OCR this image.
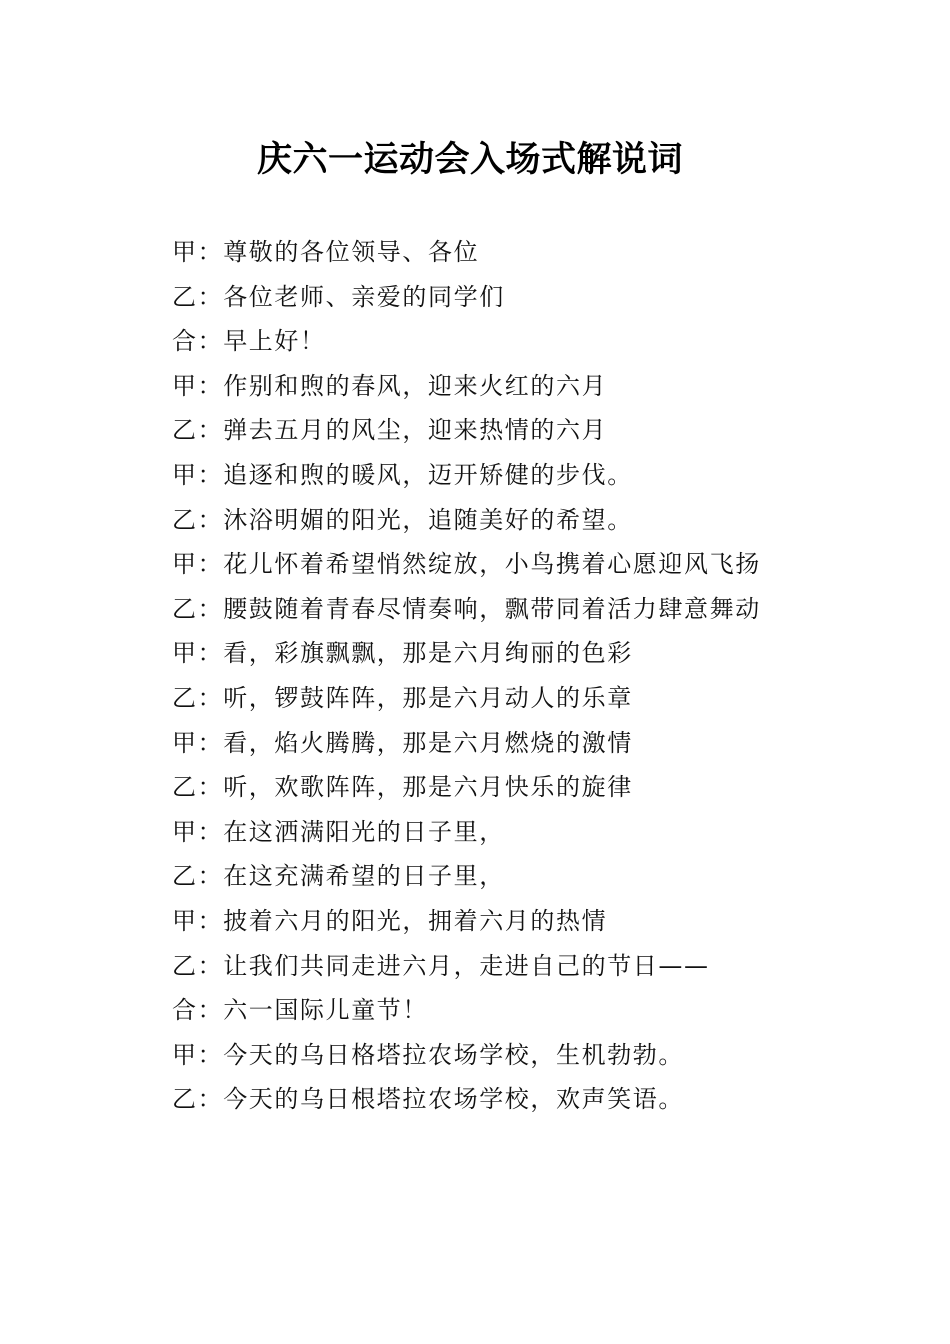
庆六一运动会入场式解说词
甲：尊敬的各位领导、各位
乙：各位老师、亲爱的同学们
合：早上好！
甲：作别和煦的春风，迎来火红的六月
乙：弹去五月的风尘，迎来热情的六月
甲：追逐和煦的暖风，迈开矫健的步伐。
乙：沐浴明媚的阳光，追随美好的希望。
甲：花儿怀着希望悄然绽放，小鸟携着心愿迎风飞扬
乙：腰鼓随着青春尽情奏响，飘带同着活力肆意舞动
甲：看，彩旗飘飘，那是六月绚丽的色彩
乙：听，锣鼓阵阵，那是六月动人的乐章
甲：看，焰火腾腾，那是六月燃烧的激情
乙：听，欢歌阵阵，那是六月快乐的旋律
甲：在这洒满阳光的日子里，
乙：在这充满希望的日子里，
甲：披着六月的阳光，拥着六月的热情
乙：让我们共同走进六月，走进自己的节日——
合：六一国际儿童节！
甲：今天的乌日格塔拉农场学校，生机勃勃。
乙：今天的乌日根塔拉农场学校，欢声笑语。
